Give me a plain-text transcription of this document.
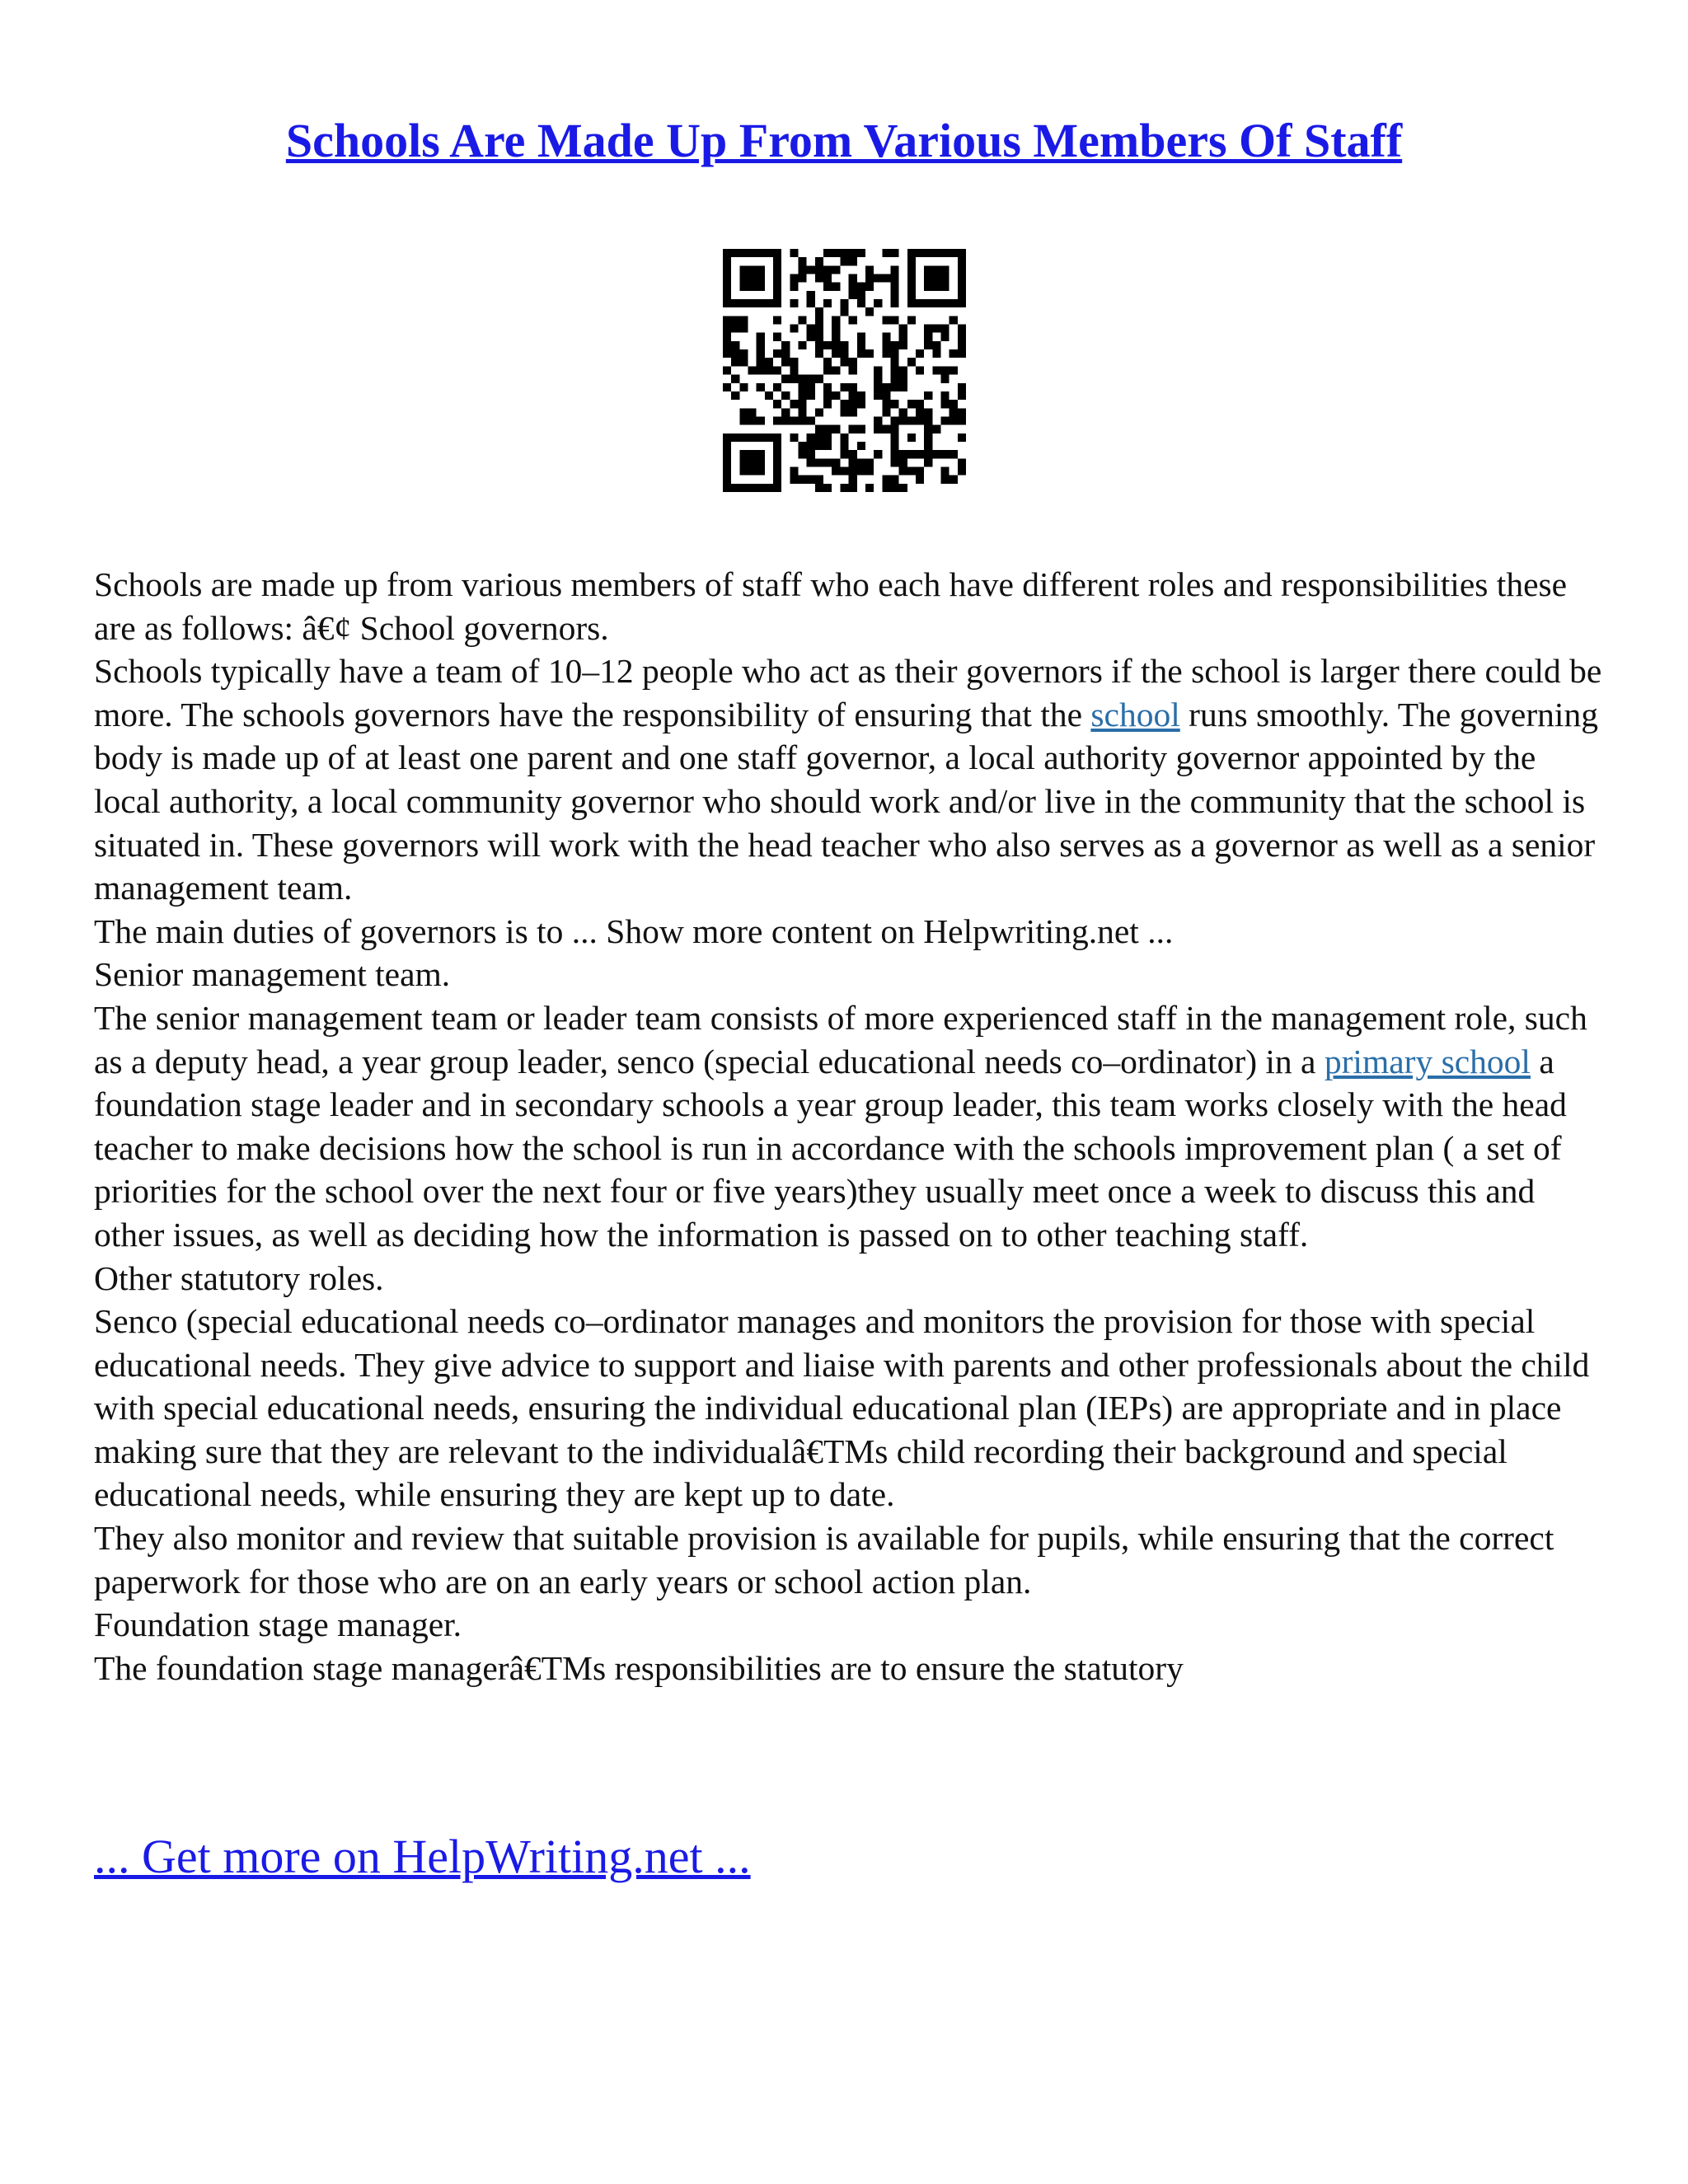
Schools Are Made Up From Various Members Of Staff

Schools are made up from various members of staff who each have different roles and responsibilities these are as follows: â€¢ School governors.

Schools typically have a team of 10–12 people who act as their governors if the school is larger there could be more. The schools governors have the responsibility of ensuring that the school runs smoothly. The governing body is made up of at least one parent and one staff governor, a local authority governor appointed by the local authority, a local community governor who should work and/or live in the community that the school is situated in. These governors will work with the head teacher who also serves as a governor as well as a senior management team.

The main duties of governors is to ... Show more content on Helpwriting.net ...

Senior management team.

The senior management team or leader team consists of more experienced staff in the management role, such as a deputy head, a year group leader, senco (special educational needs co–ordinator) in a primary school a foundation stage leader and in secondary schools a year group leader, this team works closely with the head teacher to make decisions how the school is run in accordance with the schools improvement plan ( a set of priorities for the school over the next four or five years)they usually meet once a week to discuss this and other issues, as well as deciding how the information is passed on to other teaching staff.

Other statutory roles.

Senco (special educational needs co–ordinator manages and monitors the provision for those with special educational needs. They give advice to support and liaise with parents and other professionals about the child with special educational needs, ensuring the individual educational plan (IEPs) are appropriate and in place making sure that they are relevant to the individualâ€TMs child recording their background and special educational needs, while ensuring they are kept up to date.

They also monitor and review that suitable provision is available for pupils, while ensuring that the correct paperwork for those who are on an early years or school action plan.

Foundation stage manager.

The foundation stage managerâ€TMs responsibilities are to ensure the statutory

... Get more on HelpWriting.net ...
